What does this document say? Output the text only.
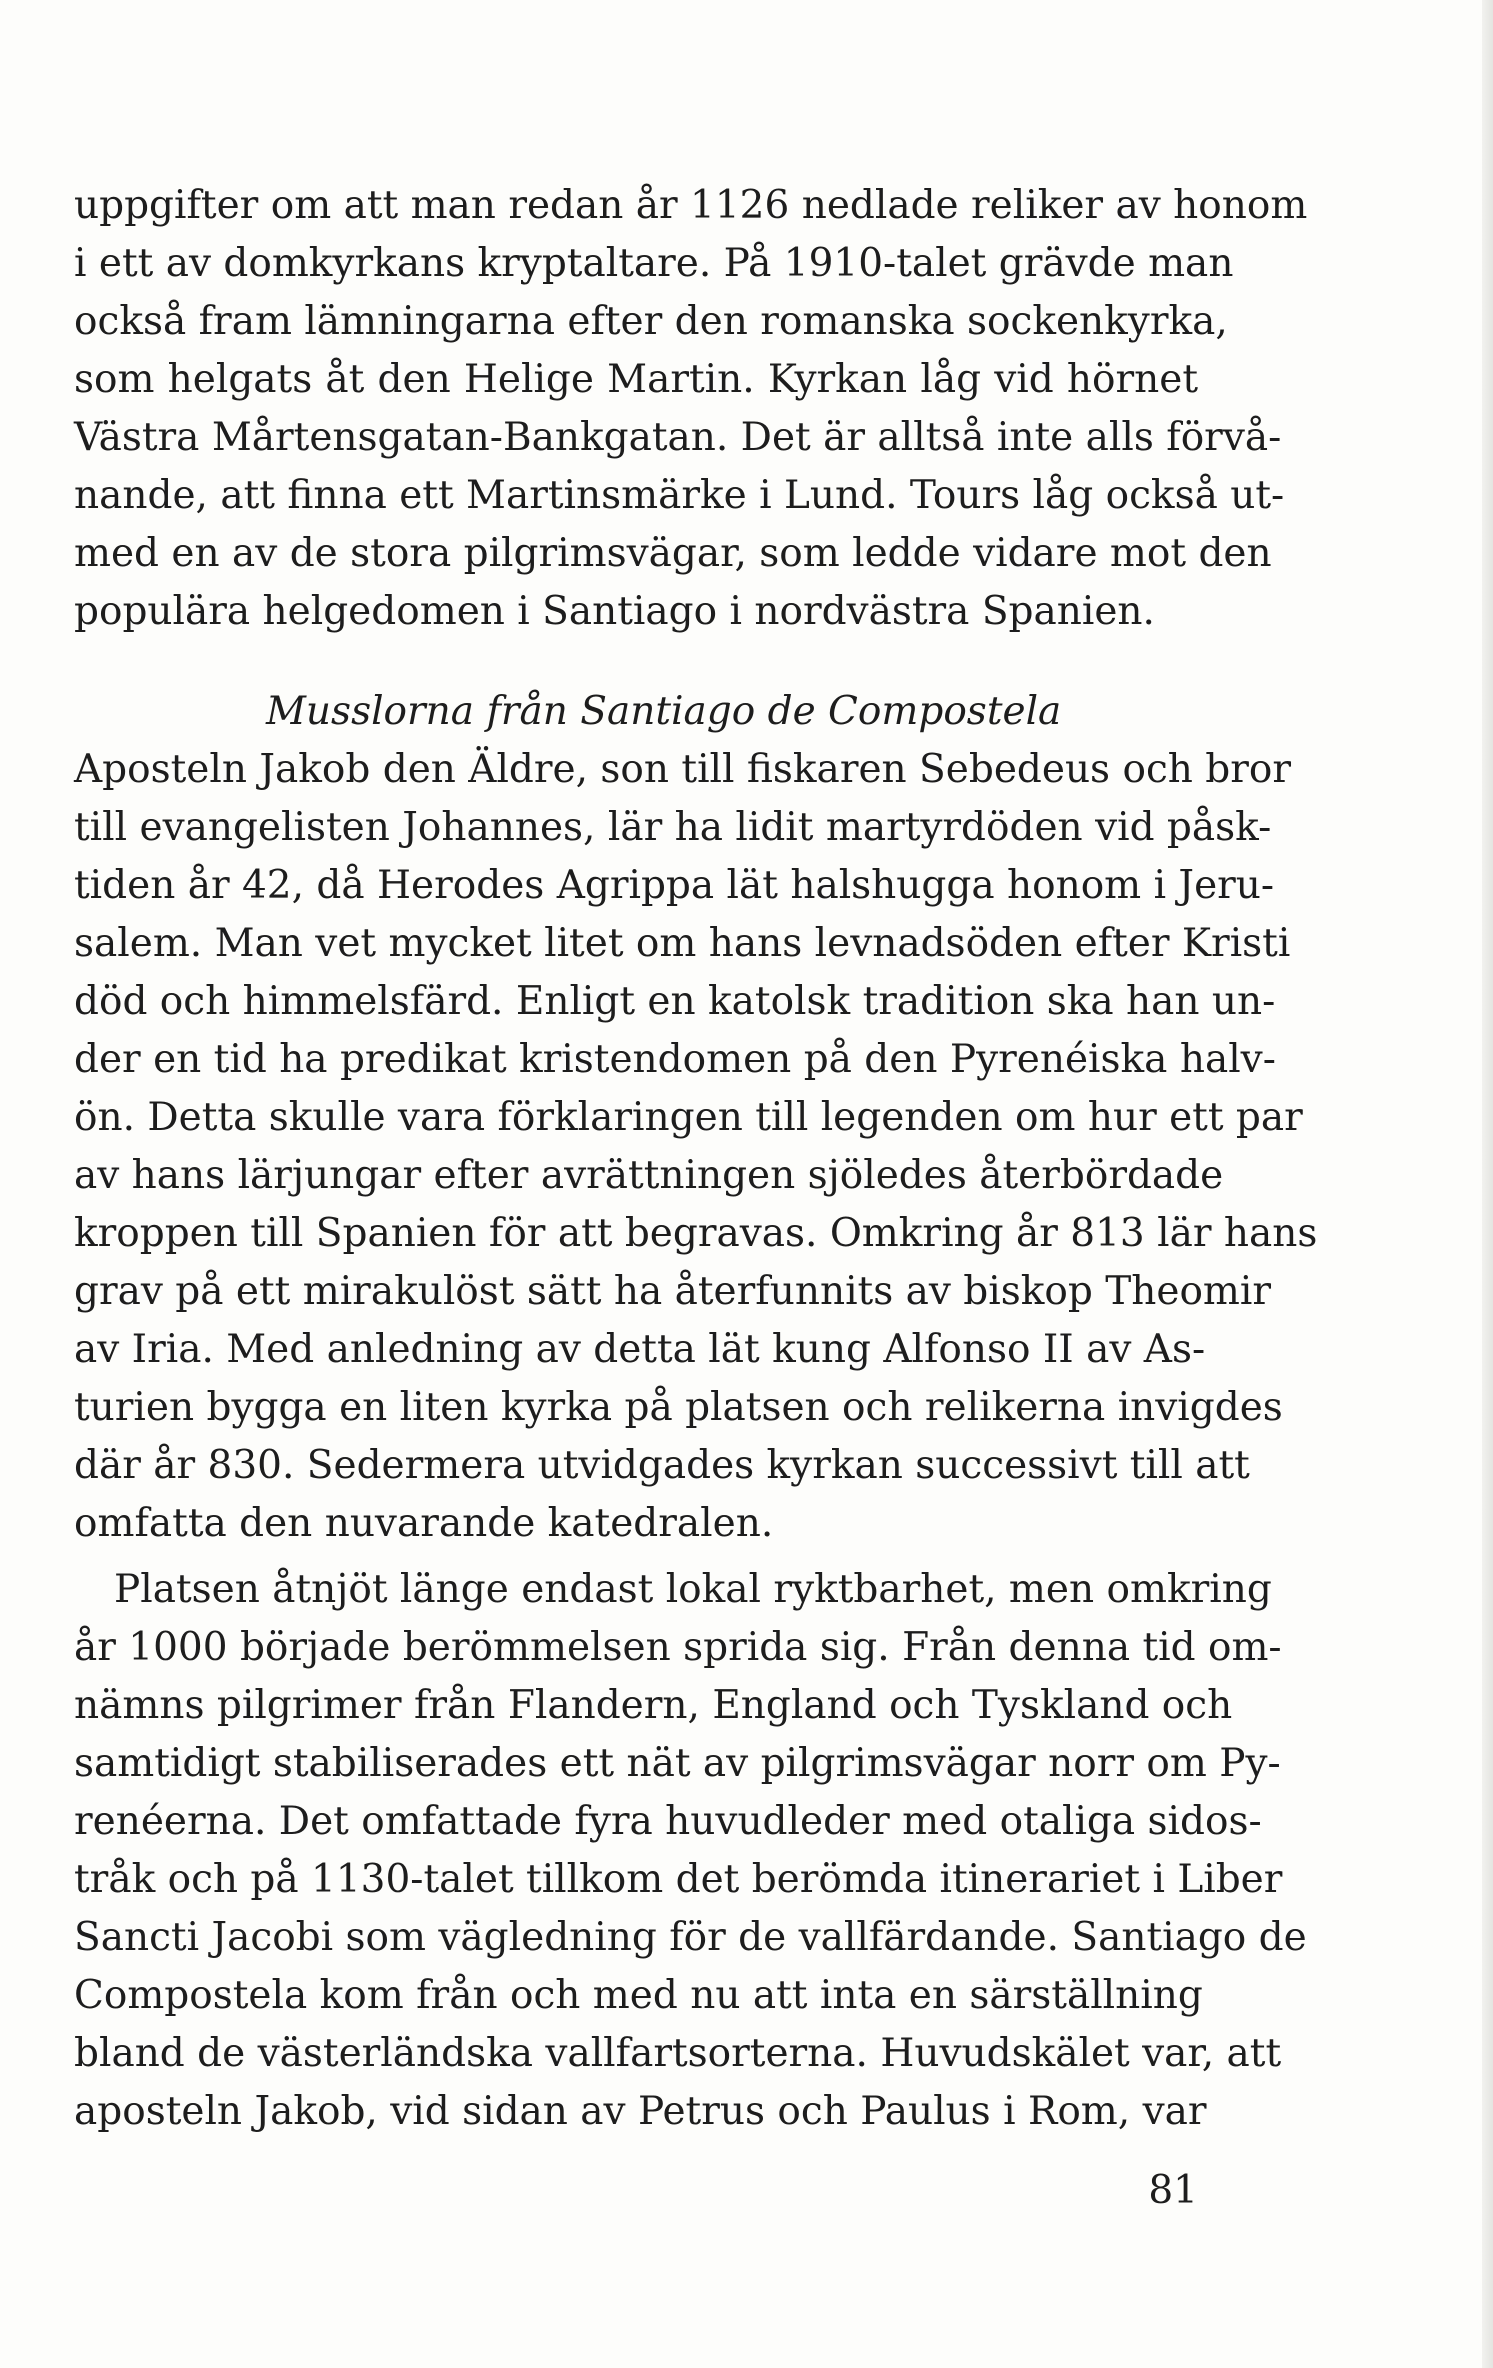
uppgifter om att man redan år 1126 nedlade reliker av honom
i ett av domkyrkans kryptaltare. På 1910-talet grävde man
också fram lämningarna efter den romanska sockenkyrka,
som helgats åt den Helige Martin. Kyrkan låg vid hörnet
Västra Mårtensgatan-Bankgatan. Det är alltså inte alls förvå-
nande, att finna ett Martinsmärke i Lund. Tours låg också ut-
med en av de stora pilgrimsvägar, som ledde vidare mot den
populära helgedomen i Santiago i nordvästra Spanien.
Musslorna från Santiago de Compostela
Aposteln Jakob den Äldre, son till fiskaren Sebedeus och bror
till evangelisten Johannes, lär ha lidit martyrdöden vid påsk-
tiden år 42, då Herodes Agrippa lät halshugga honom i Jeru-
salem. Man vet mycket litet om hans levnadsöden efter Kristi
död och himmelsfärd. Enligt en katolsk tradition ska han un-
der en tid ha predikat kristendomen på den Pyrenéiska halv-
ön. Detta skulle vara förklaringen till legenden om hur ett par
av hans lärjungar efter avrättningen sjöledes återbördade
kroppen till Spanien för att begravas. Omkring år 813 lär hans
grav på ett mirakulöst sätt ha återfunnits av biskop Theomir
av Iria. Med anledning av detta lät kung Alfonso II av As-
turien bygga en liten kyrka på platsen och relikerna invigdes
där år 830. Sedermera utvidgades kyrkan successivt till att
omfatta den nuvarande katedralen.
Platsen åtnjöt länge endast lokal ryktbarhet, men omkring
år 1000 började berömmelsen sprida sig. Från denna tid om-
nämns pilgrimer från Flandern, England och Tyskland och
samtidigt stabiliserades ett nät av pilgrimsvägar norr om Py-
renéerna. Det omfattade fyra huvudleder med otaliga sidos-
tråk och på 1130-talet tillkom det berömda itinerariet i Liber
Sancti Jacobi som vägledning för de vallfärdande. Santiago de
Compostela kom från och med nu att inta en särställning
bland de västerländska vallfartsorterna. Huvudskälet var, att
aposteln Jakob, vid sidan av Petrus och Paulus i Rom, var
81
